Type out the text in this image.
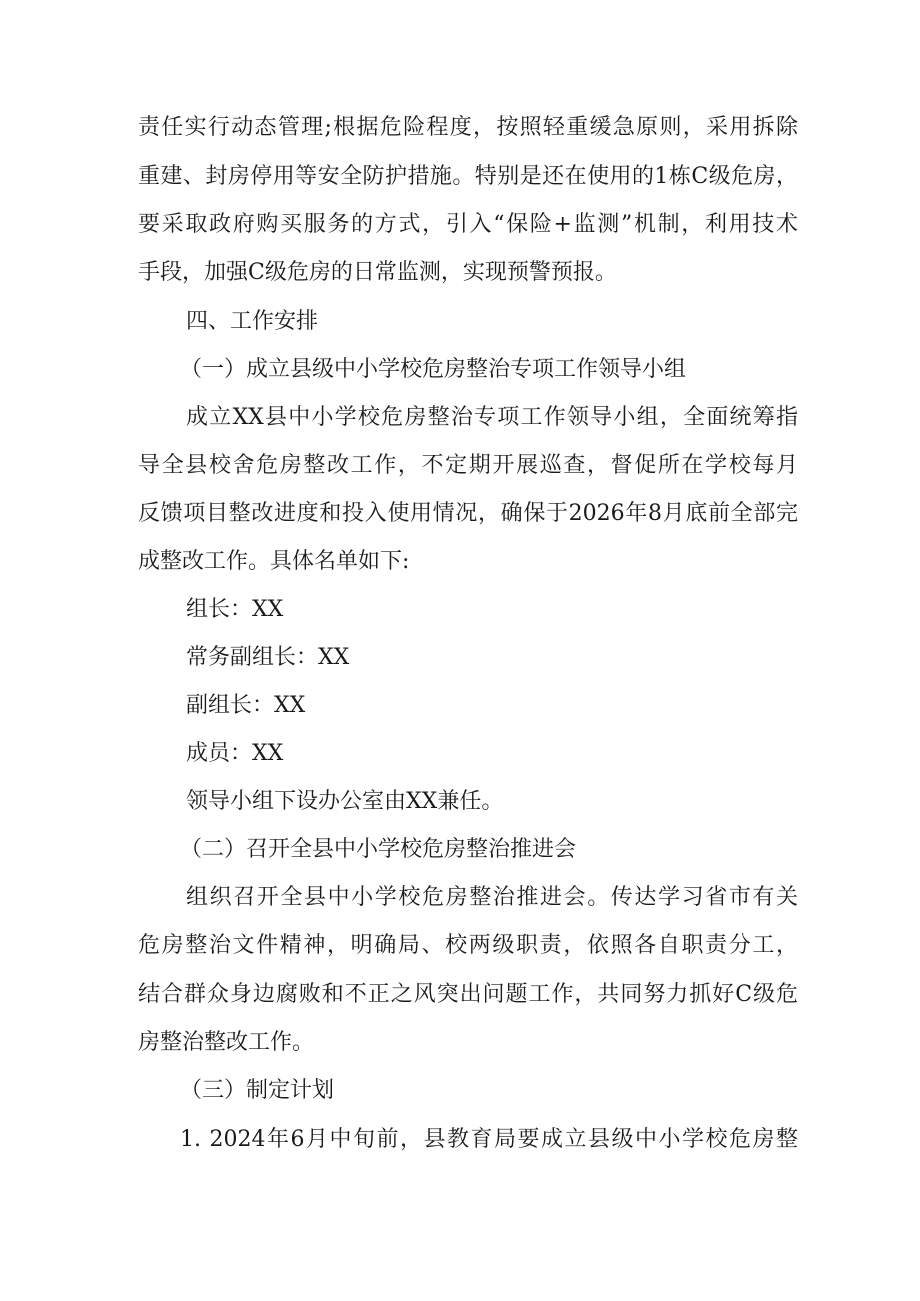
责任实行动态管理;根据危险程度，按照轻重缓急原则，采用拆除
重建、封房停用等安全防护措施。特别是还在使用的1栋C级危房，
要采取政府购买服务的方式，引入“保险+监测”机制，利用技术
手段，加强C级危房的日常监测，实现预警预报。
四、工作安排
（一）成立县级中小学校危房整治专项工作领导小组
成立XX县中小学校危房整治专项工作领导小组，全面统筹指
导全县校舍危房整改工作，不定期开展巡查，督促所在学校每月
反馈项目整改进度和投入使用情况，确保于2026年8月底前全部完
成整改工作。具体名单如下:
组长：XX
常务副组长：XX
副组长：XX
成员：XX
领导小组下设办公室由XX兼任。
（二）召开全县中小学校危房整治推进会
组织召开全县中小学校危房整治推进会。传达学习省市有关
危房整治文件精神，明确局、校两级职责，依照各自职责分工，
结合群众身边腐败和不正之风突出问题工作，共同努力抓好C级危
房整治整改工作。
（三）制定计划
1. 2024年6月中旬前，县教育局要成立县级中小学校危房整
